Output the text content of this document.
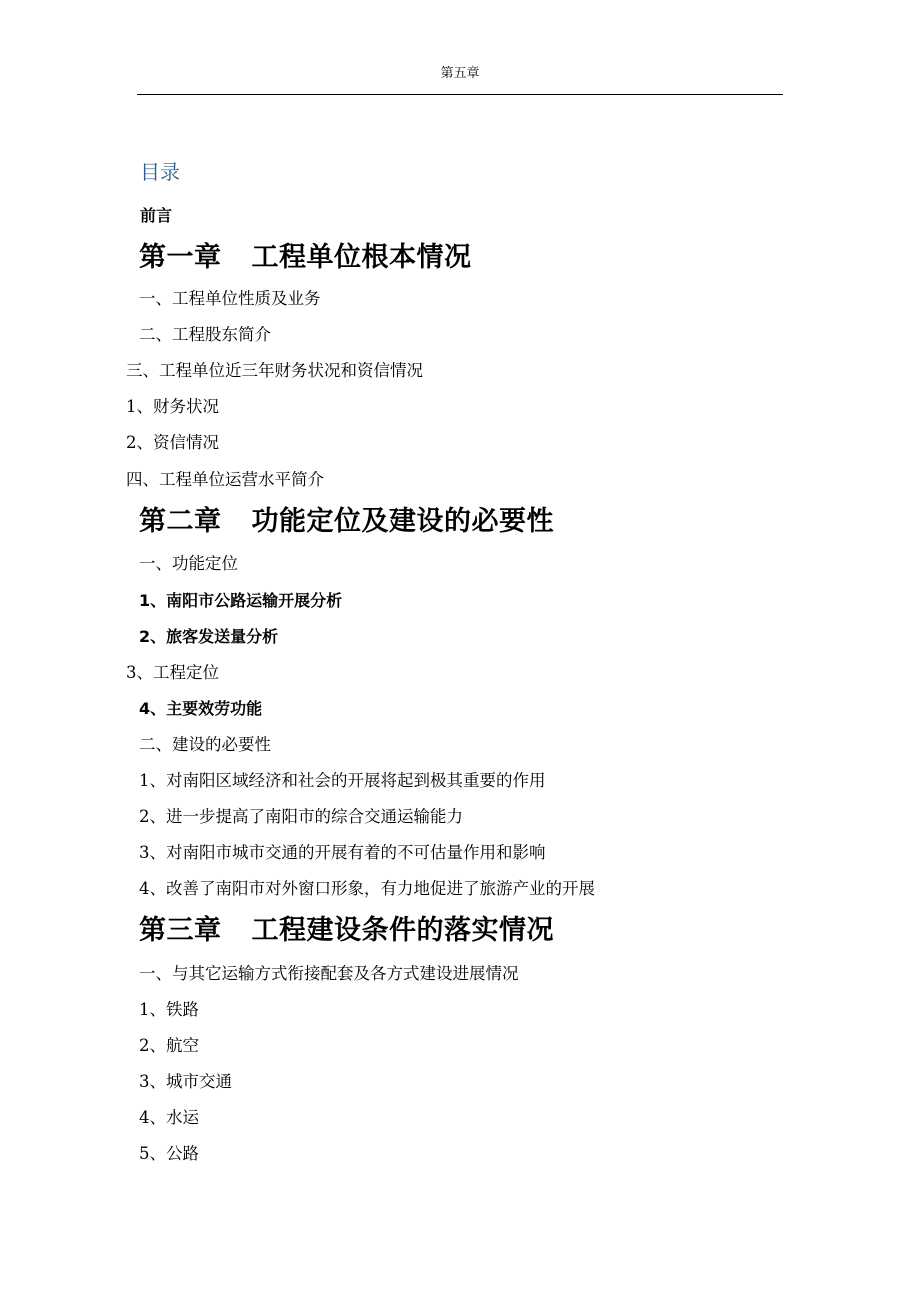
第五章
目录
前言
第一章 工程单位根本情况
一、工程单位性质及业务
二、工程股东简介
三、工程单位近三年财务状况和资信情况
1、财务状况
2、资信情况
四、工程单位运营水平简介
第二章 功能定位及建设的必要性
一、功能定位
1、南阳市公路运输开展分析
2、旅客发送量分析
3、工程定位
4、主要效劳功能
二、建设的必要性
1、对南阳区域经济和社会的开展将起到极其重要的作用
2、进一步提高了南阳市的综合交通运输能力
3、对南阳市城市交通的开展有着的不可估量作用和影响
4、改善了南阳市对外窗口形象，有力地促进了旅游产业的开展
第三章 工程建设条件的落实情况
一、与其它运输方式衔接配套及各方式建设进展情况
1、铁路
2、航空
3、城市交通
4、水运
5、公路
